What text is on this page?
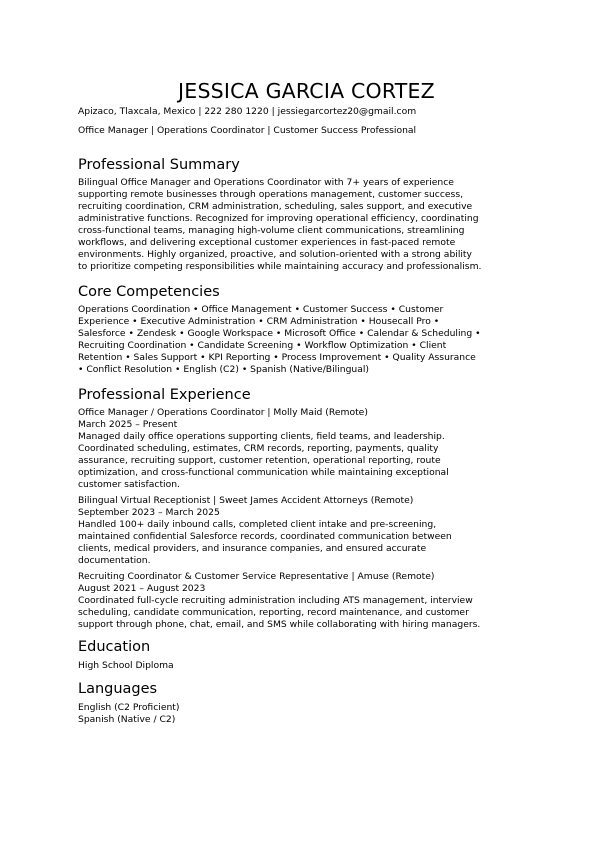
JESSICA GARCIA CORTEZ
Apizaco, Tlaxcala, Mexico | 222 280 1220 | jessiegarcortez20@gmail.com
Office Manager | Operations Coordinator | Customer Success Professional
Professional Summary
Bilingual Office Manager and Operations Coordinator with 7+ years of experience
supporting remote businesses through operations management, customer success,
recruiting coordination, CRM administration, scheduling, sales support, and executive
administrative functions. Recognized for improving operational efficiency, coordinating
cross-functional teams, managing high-volume client communications, streamlining
workflows, and delivering exceptional customer experiences in fast-paced remote
environments. Highly organized, proactive, and solution-oriented with a strong ability
to prioritize competing responsibilities while maintaining accuracy and professionalism.
Core Competencies
Operations Coordination • Office Management • Customer Success • Customer
Experience • Executive Administration • CRM Administration • Housecall Pro •
Salesforce • Zendesk • Google Workspace • Microsoft Office • Calendar & Scheduling •
Recruiting Coordination • Candidate Screening • Workflow Optimization • Client
Retention • Sales Support • KPI Reporting • Process Improvement • Quality Assurance
• Conflict Resolution • English (C2) • Spanish (Native/Bilingual)
Professional Experience
Office Manager / Operations Coordinator | Molly Maid (Remote)
March 2025 – Present
Managed daily office operations supporting clients, field teams, and leadership.
Coordinated scheduling, estimates, CRM records, reporting, payments, quality
assurance, recruiting support, customer retention, operational reporting, route
optimization, and cross-functional communication while maintaining exceptional
customer satisfaction.
Bilingual Virtual Receptionist | Sweet James Accident Attorneys (Remote)
September 2023 – March 2025
Handled 100+ daily inbound calls, completed client intake and pre-screening,
maintained confidential Salesforce records, coordinated communication between
clients, medical providers, and insurance companies, and ensured accurate
documentation.
Recruiting Coordinator & Customer Service Representative | Amuse (Remote)
August 2021 – August 2023
Coordinated full-cycle recruiting administration including ATS management, interview
scheduling, candidate communication, reporting, record maintenance, and customer
support through phone, chat, email, and SMS while collaborating with hiring managers.
Education
High School Diploma
Languages
English (C2 Proficient)
Spanish (Native / C2)
